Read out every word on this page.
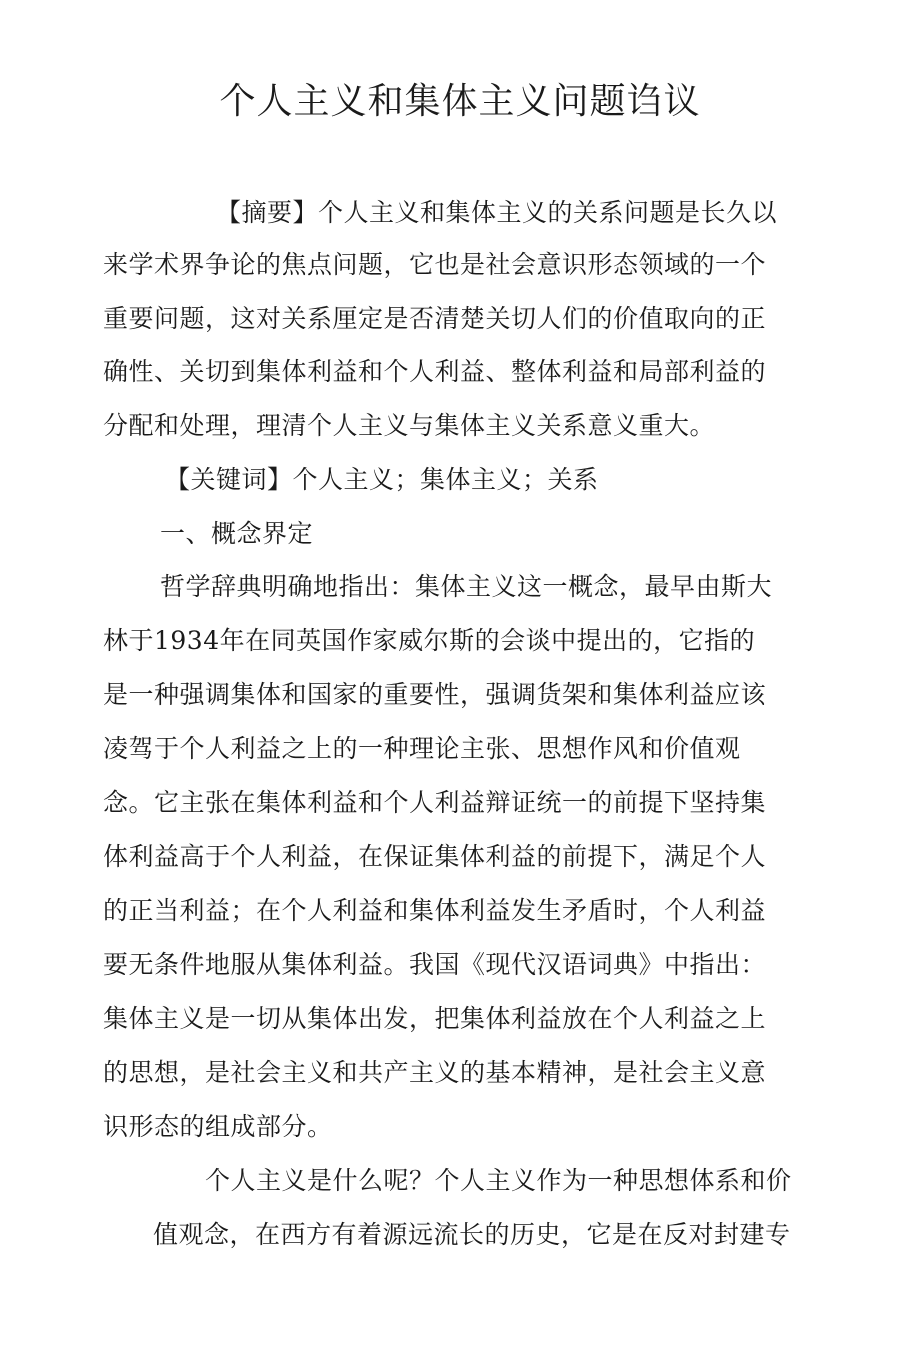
个人主义和集体主义问题诌议
【摘要】个人主义和集体主义的关系问题是长久以
来学术界争论的焦点问题，它也是社会意识形态领域的一个
重要问题，这对关系厘定是否清楚关切人们的价值取向的正
确性、关切到集体利益和个人利益、整体利益和局部利益的
分配和处理，理清个人主义与集体主义关系意义重大。
【关键词】个人主义；集体主义；关系
一、概念界定
哲学辞典明确地指出：集体主义这一概念，最早由斯大
林于1934年在同英国作家威尔斯的会谈中提出的，它指的
是一种强调集体和国家的重要性，强调货架和集体利益应该
凌驾于个人利益之上的一种理论主张、思想作风和价值观
念。它主张在集体利益和个人利益辩证统一的前提下坚持集
体利益高于个人利益，在保证集体利益的前提下，满足个人
的正当利益；在个人利益和集体利益发生矛盾时，个人利益
要无条件地服从集体利益。我国《现代汉语词典》中指出：
集体主义是一切从集体出发，把集体利益放在个人利益之上
的思想，是社会主义和共产主义的基本精神，是社会主义意
识形态的组成部分。
个人主义是什么呢？个人主义作为一种思想体系和价
值观念，在西方有着源远流长的历史，它是在反对封建专
